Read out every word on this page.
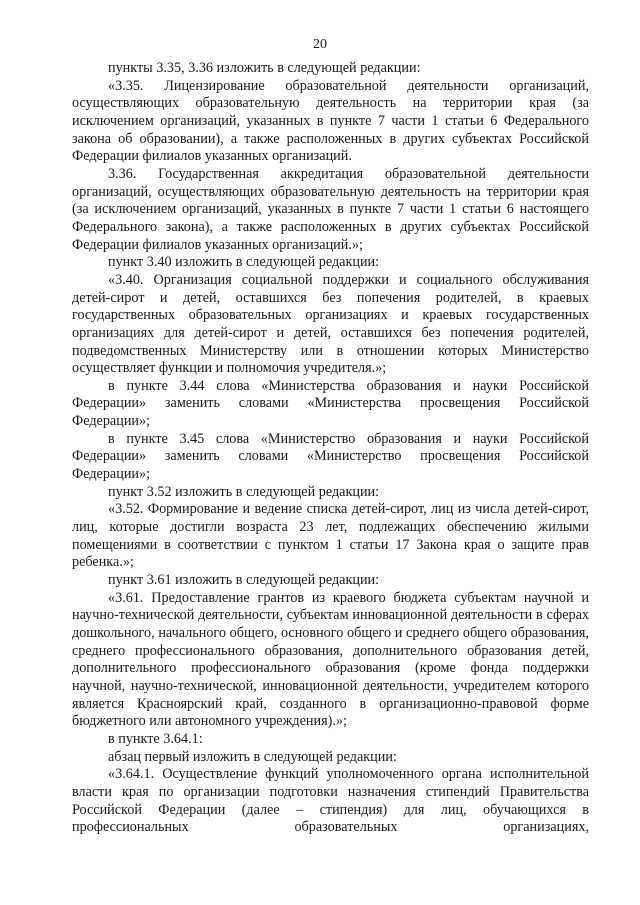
20

пункты 3.35, 3.36 изложить в следующей редакции:

«3.35. Лицензирование образовательной деятельности организаций, осуществляющих образовательную деятельность на территории края (за исключением организаций, указанных в пункте 7 части 1 статьи 6 Федерального закона об образовании), а также расположенных в других субъектах Российской Федерации филиалов указанных организаций.

3.36. Государственная аккредитация образовательной деятельности организаций, осуществляющих образовательную деятельность на территории края (за исключением организаций, указанных в пункте 7 части 1 статьи 6 настоящего Федерального закона), а также расположенных в других субъектах Российской Федерации филиалов указанных организаций.»;

пункт 3.40 изложить в следующей редакции:

«3.40. Организация социальной поддержки и социального обслуживания детей-сирот и детей, оставшихся без попечения родителей, в краевых государственных образовательных организациях и краевых государственных организациях для детей-сирот и детей, оставшихся без попечения родителей, подведомственных Министерству или в отношении которых Министерство осуществляет функции и полномочия учредителя.»;

в пункте 3.44 слова «Министерства образования и науки Российской Федерации» заменить словами «Министерства просвещения Российской Федерации»;

в пункте 3.45 слова «Министерство образования и науки Российской Федерации» заменить словами «Министерство просвещения Российской Федерации»;

пункт 3.52 изложить в следующей редакции:

«3.52. Формирование и ведение списка детей-сирот, лиц из числа детей-сирот, лиц, которые достигли возраста 23 лет, подлежащих обеспечению жилыми помещениями в соответствии с пунктом 1 статьи 17 Закона края о защите прав ребенка.»;

пункт 3.61 изложить в следующей редакции:

«3.61. Предоставление грантов из краевого бюджета субъектам научной и научно-технической деятельности, субъектам инновационной деятельности в сферах дошкольного, начального общего, основного общего и среднего общего образования, среднего профессионального образования, дополнительного образования детей, дополнительного профессионального образования (кроме фонда поддержки научной, научно-технической, инновационной деятельности, учредителем которого является Красноярский край, созданного в организационно-правовой форме бюджетного или автономного учреждения).»;

в пункте 3.64.1:

абзац первый изложить в следующей редакции:

«3.64.1. Осуществление функций уполномоченного органа исполнительной власти края по организации подготовки назначения стипендий Правительства Российской Федерации (далее – стипендия) для лиц, обучающихся в профессиональных образовательных организациях,
